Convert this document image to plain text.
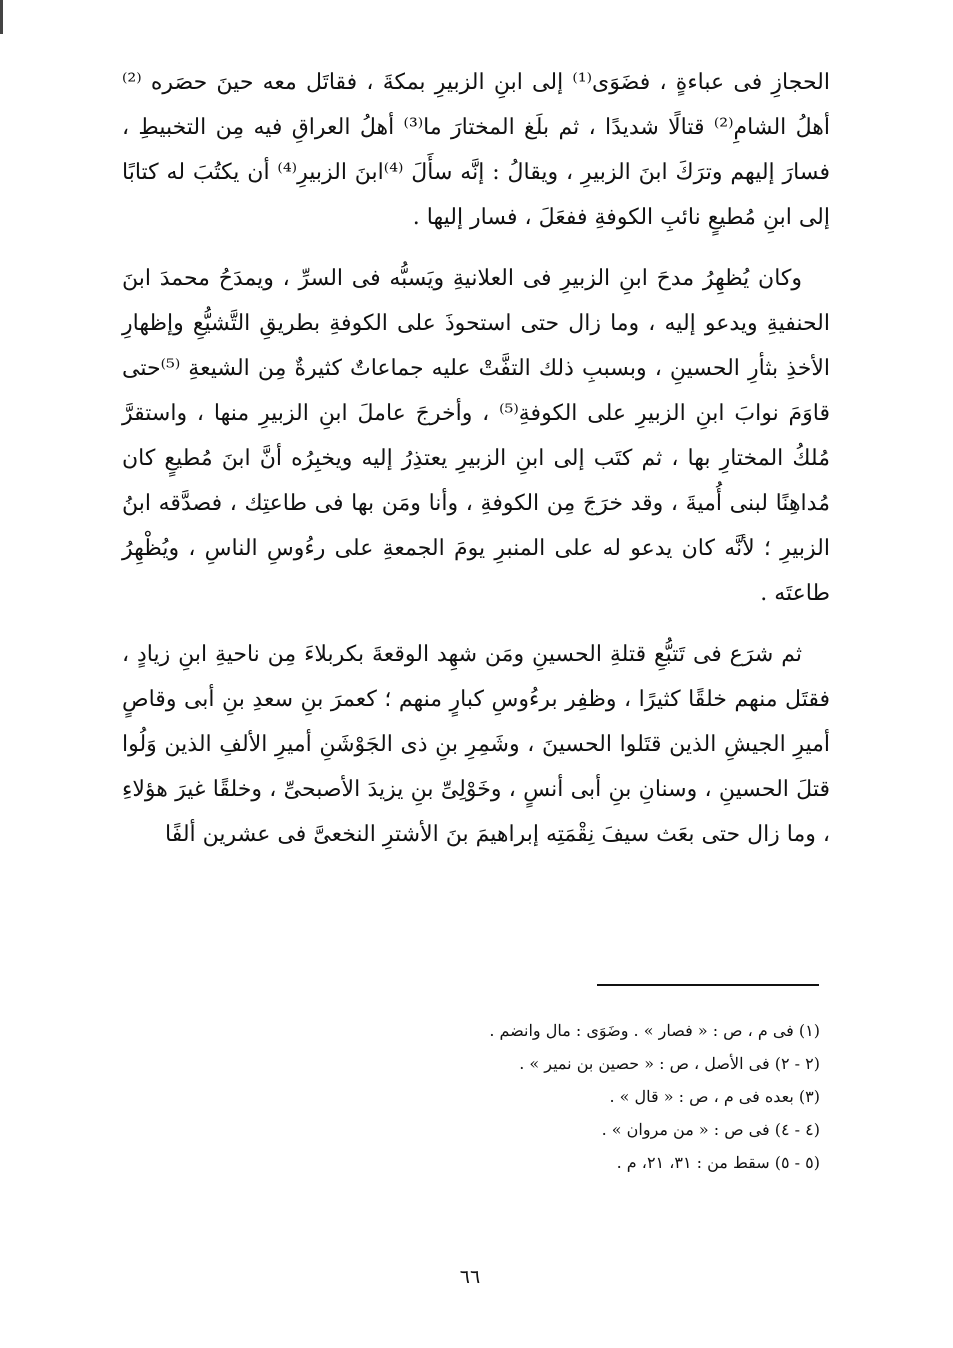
الحجازِ فى عباءةٍ ، فضَوَى⁽¹⁾ إلى ابنِ الزبيرِ بمكةَ ، فقاتَل معه حينَ حصَره ⁽²⁾أهلُ الشامِ⁽²⁾ قتالًا شديدًا ، ثم بلَغ المختارَ ما⁽³⁾ أهلُ العراقِ فيه مِن التخبيطِ ، فسارَ إليهم وترَكَ ابنَ الزبيرِ ، ويقالُ : إنَّه سأَلَ ⁽⁴⁾ابنَ الزبيرِ⁽⁴⁾ أن يكتُبَ له كتابًا إلى ابنِ مُطيعٍ نائبِ الكوفةِ ففعَلَ ، فسار إليها .

وكان يُظهِرُ مدحَ ابنِ الزبيرِ فى العلانيةِ ويَسبُّه فى السرِّ ، ويمدَحُ محمدَ ابنَ الحنفيةِ ويدعو إليه ، وما زال حتى استحوذَ على الكوفةِ بطريقِ التَّشيُّعِ وإظهارِ الأخذِ بثأرِ الحسينِ ، وبسببِ ذلك التفَّتْ عليه جماعاتٌ كثيرةٌ مِن الشيعةِ ⁽⁵⁾حتى قاوَمَ نوابَ ابنِ الزبيرِ على الكوفةِ⁽⁵⁾ ، وأخرجَ عاملَ ابنِ الزبيرِ منها ، واستقرَّ مُلكُ المختارِ بها ، ثم كتَب إلى ابنِ الزبيرِ يعتذِرُ إليه ويخبِرُه أنَّ ابنَ مُطيعٍ كان مُداهِنًا لبنى أُميةَ ، وقد خرَجَ مِن الكوفةِ ، وأنا ومَن بها فى طاعتِك ، فصدَّقه ابنُ الزبيرِ ؛ لأنَّه كان يدعو له على المنبرِ يومَ الجمعةِ على رءُوسِ الناسِ ، ويُظْهِرُ طاعتَه .

ثم شرَع فى تَتبُّعِ قتلةِ الحسينِ ومَن شهِد الوقعةَ بكربلاءَ مِن ناحيةِ ابنِ زيادٍ ، فقتَل منهم خلقًا كثيرًا ، وظفِر برءُوسِ كبارٍ منهم ؛ كعمرَ بنِ سعدِ بنِ أبى وقاصٍ أميرِ الجيشِ الذين قتَلوا الحسينَ ، وشَمِرِ بنِ ذى الجَوْشَنِ أميرِ الألفِ الذين وَلُوا قتلَ الحسينِ ، وسنانِ بنِ أبى أنسٍ ، وخَوْلِىِّ بنِ يزيدَ الأصبحىِّ ، وخلقًا غيرَ هؤلاءِ ، وما زال حتى بعَث سيفَ نِقْمَتِه إبراهيمَ بنَ الأشترِ النخعىَّ فى عشرين ألفًا

(١) فى م ، ص : « فصار » . وضَوَى : مال وانضم .

(٢ - ٢) فى الأصل ، ص : « حصين بن نمير » .

(٣) بعده فى م ، ص : « قال » .

(٤ - ٤) فى ص : « من مروان » .

(٥ - ٥) سقط من : ٣١، ٢١، م .

٦٦
